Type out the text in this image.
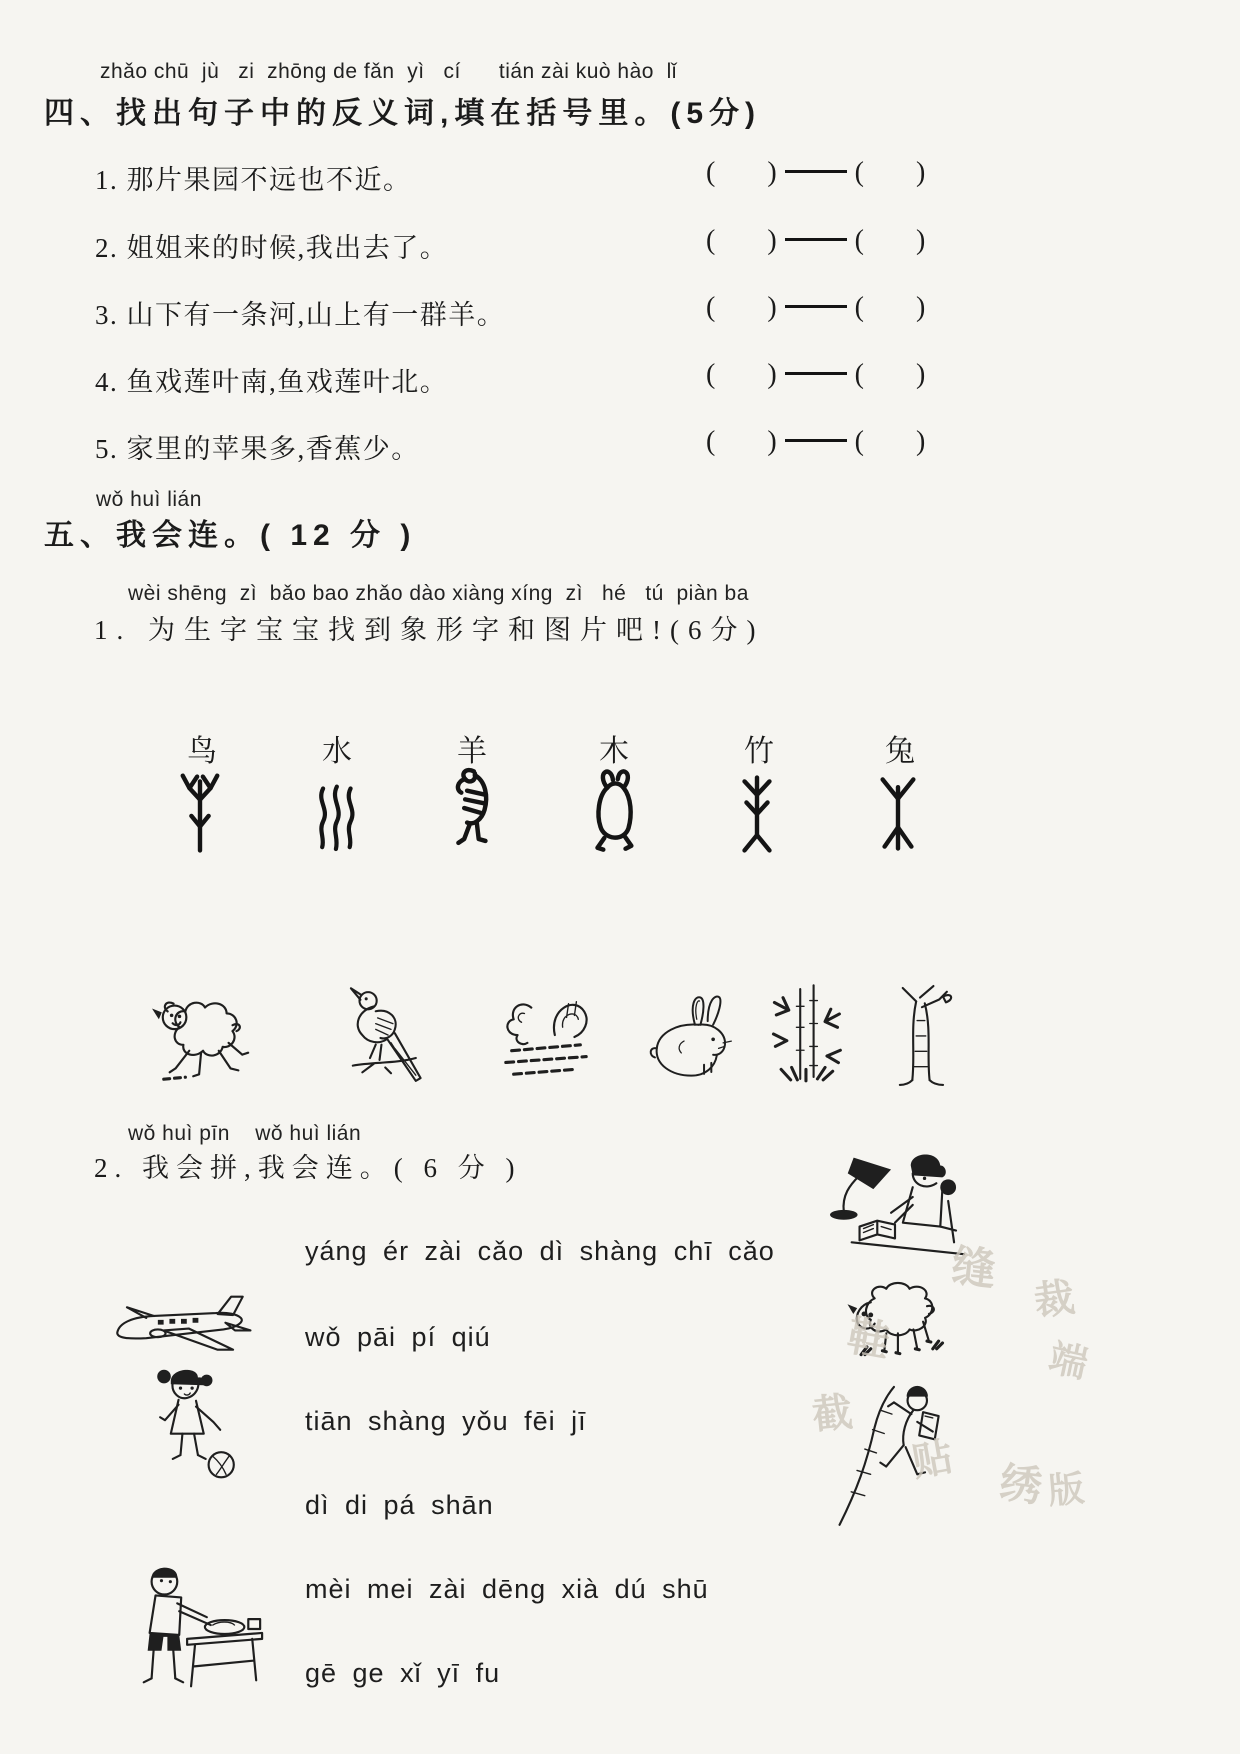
zhǎo chū  jù   zi  zhōng de fǎn  yì   cí      tián zài kuò hào  lǐ
四、找出句子中的反义词,填在括号里。(5分)
1. 那片果园不远也不近。	( )	( )
2. 姐姐来的时候,我出去了。	( )	( )
3. 山下有一条河,山上有一群羊。	( )	( )
4. 鱼戏莲叶南,鱼戏莲叶北。	( )	( )
5. 家里的苹果多,香蕉少。	( )	( )
wǒ huì lián
五、我会连。( 12 分 )
wèi shēng  zì  bǎo bao zhǎo dào xiàng xíng  zì   hé   tú  piàn ba
1. 为生字宝宝找到象形字和图片吧!(6分)
鸟	水	羊	木	竹	兔
wǒ huì pīn    wǒ huì lián
2. 我会拼,我会连。( 6 分 )
yáng ér zài cǎo dì shàng chī cǎo
wǒ pāi pí qiú
tiān shàng yǒu fēi jī
dì di pá shān
mèi mei zài dēng xià dú shū
gē ge xǐ yī fu
缝
裁
鞋
截
端
贴 绣 版
